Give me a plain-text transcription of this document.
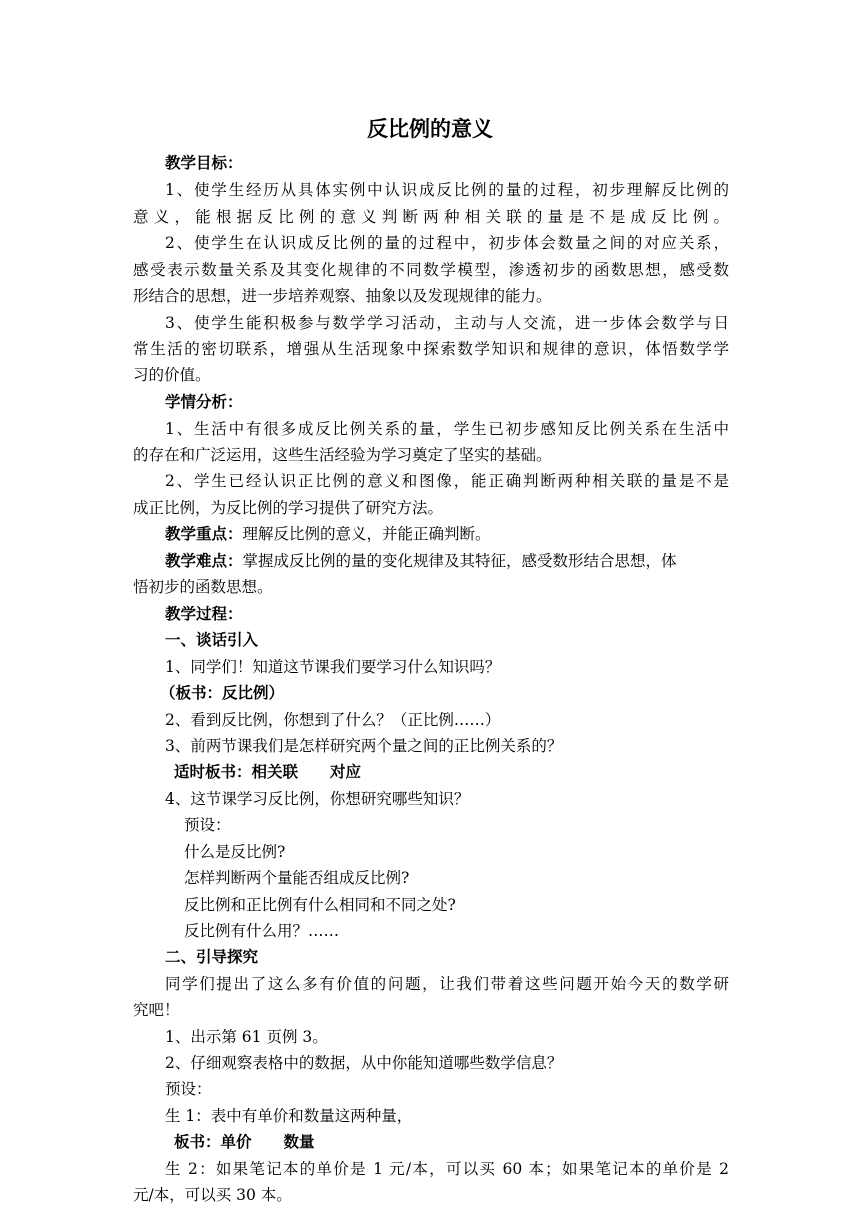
反比例的意义
教学目标：
1、使学生经历从具体实例中认识成反比例的量的过程，初步理解反比例的
意义，能根据反比例的意义判断两种相关联的量是不是成反比例。
2、使学生在认识成反比例的量的过程中，初步体会数量之间的对应关系，
感受表示数量关系及其变化规律的不同数学模型，渗透初步的函数思想，感受数
形结合的思想，进一步培养观察、抽象以及发现规律的能力。
3、使学生能积极参与数学学习活动，主动与人交流，进一步体会数学与日
常生活的密切联系，增强从生活现象中探索数学知识和规律的意识，体悟数学学
习的价值。
学情分析：
1、生活中有很多成反比例关系的量，学生已初步感知反比例关系在生活中
的存在和广泛运用，这些生活经验为学习奠定了坚实的基础。
2、学生已经认识正比例的意义和图像，能正确判断两种相关联的量是不是
成正比例，为反比例的学习提供了研究方法。
教学重点：理解反比例的意义，并能正确判断。
教学难点：掌握成反比例的量的变化规律及其特征，感受数形结合思想，体
悟初步的函数思想。
教学过程：
一、谈话引入
1、同学们！知道这节课我们要学习什么知识吗？
（板书：反比例）
2、看到反比例，你想到了什么？（正比例……）
3、前两节课我们是怎样研究两个量之间的正比例关系的？
适时板书：相关联 对应
4、这节课学习反比例，你想研究哪些知识？
预设：
什么是反比例?
怎样判断两个量能否组成反比例?
反比例和正比例有什么相同和不同之处?
反比例有什么用？……
二、引导探究
同学们提出了这么多有价值的问题，让我们带着这些问题开始今天的数学研
究吧！
1、出示第 61 页例 3。
2、仔细观察表格中的数据，从中你能知道哪些数学信息？
预设：
生 1：表中有单价和数量这两种量，
板书：单价 数量
生 2：如果笔记本的单价是 1 元/本，可以买 60 本；如果笔记本的单价是 2
元/本，可以买 30 本。
